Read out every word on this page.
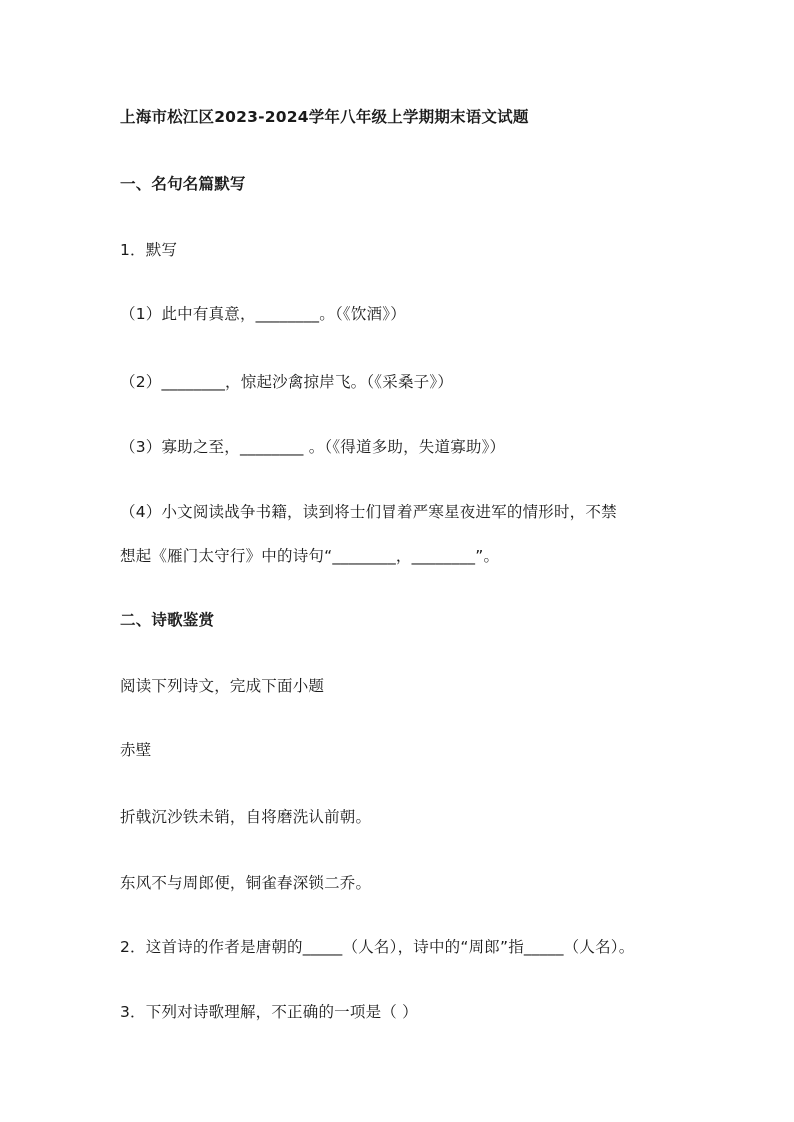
上海市松江区2023-2024学年八年级上学期期末语文试题
一、名句名篇默写
1．默写
（1）此中有真意，________。（《饮酒》）
（2）________，惊起沙禽掠岸飞。（《采桑子》）
（3）寡助之至，________ 。（《得道多助，失道寡助》）
（4）小文阅读战争书籍，读到将士们冒着严寒星夜进军的情形时，不禁
想起《雁门太守行》中的诗句“________，________”。
二、诗歌鉴赏
阅读下列诗文，完成下面小题
赤壁
折戟沉沙铁未销，自将磨洗认前朝。
东风不与周郎便，铜雀春深锁二乔。
2．这首诗的作者是唐朝的_____（人名），诗中的“周郎”指_____（人名）。
3．下列对诗歌理解，不正确的一项是（ ）
